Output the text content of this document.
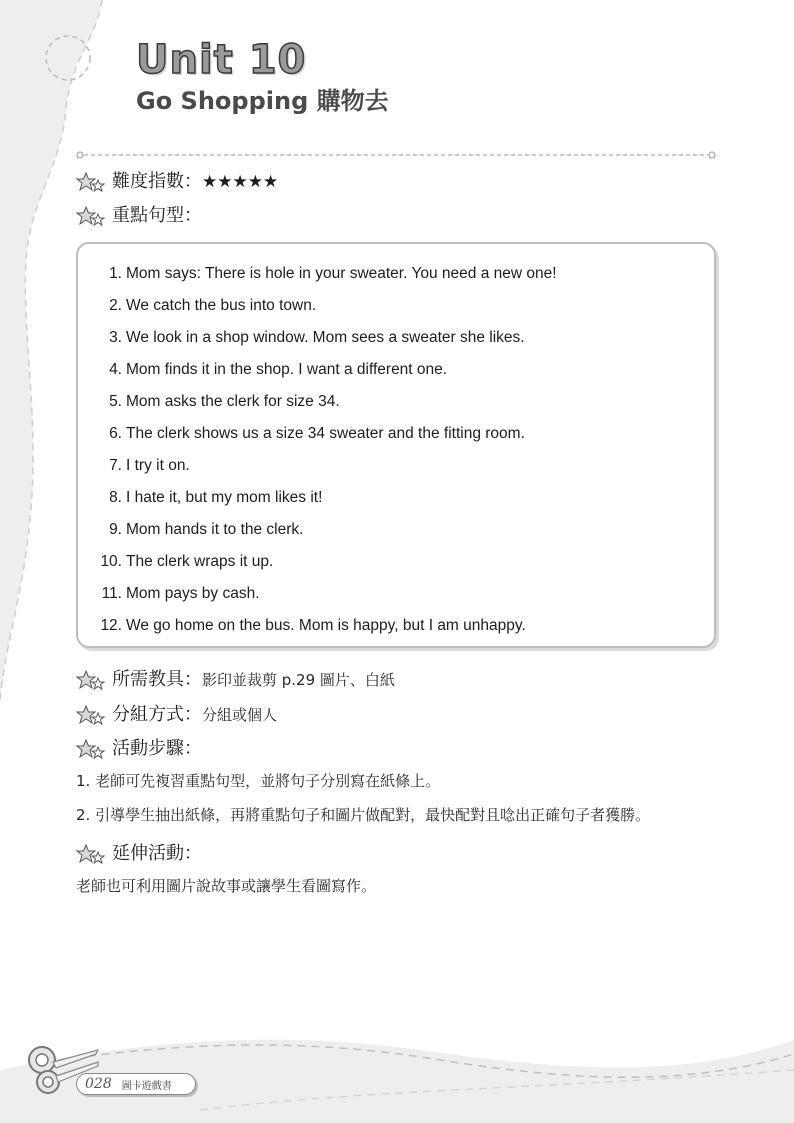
Unit 10
Go Shopping 購物去
難度指數： ★★★★★
重點句型：
1. Mom says: There is hole in your sweater. You need a new one!
2. We catch the bus into town.
3. We look in a shop window. Mom sees a sweater she likes.
4. Mom finds it in the shop. I want a different one.
5. Mom asks the clerk for size 34.
6. The clerk shows us a size 34 sweater and the fitting room.
7. I try it on.
8. I hate it, but my mom likes it!
9. Mom hands it to the clerk.
10. The clerk wraps it up.
11. Mom pays by cash.
12. We go home on the bus. Mom is happy, but I am unhappy.
所需教具： 影印並裁剪 p.29 圖片、白紙
分組方式： 分組或個人
活動步驟：
1. 老師可先複習重點句型，並將句子分別寫在紙條上。
2. 引導學生抽出紙條，再將重點句子和圖片做配對，最快配對且唸出正確句子者獲勝。
延伸活動：
老師也可利用圖片說故事或讓學生看圖寫作。
028 圖卡遊戲書
